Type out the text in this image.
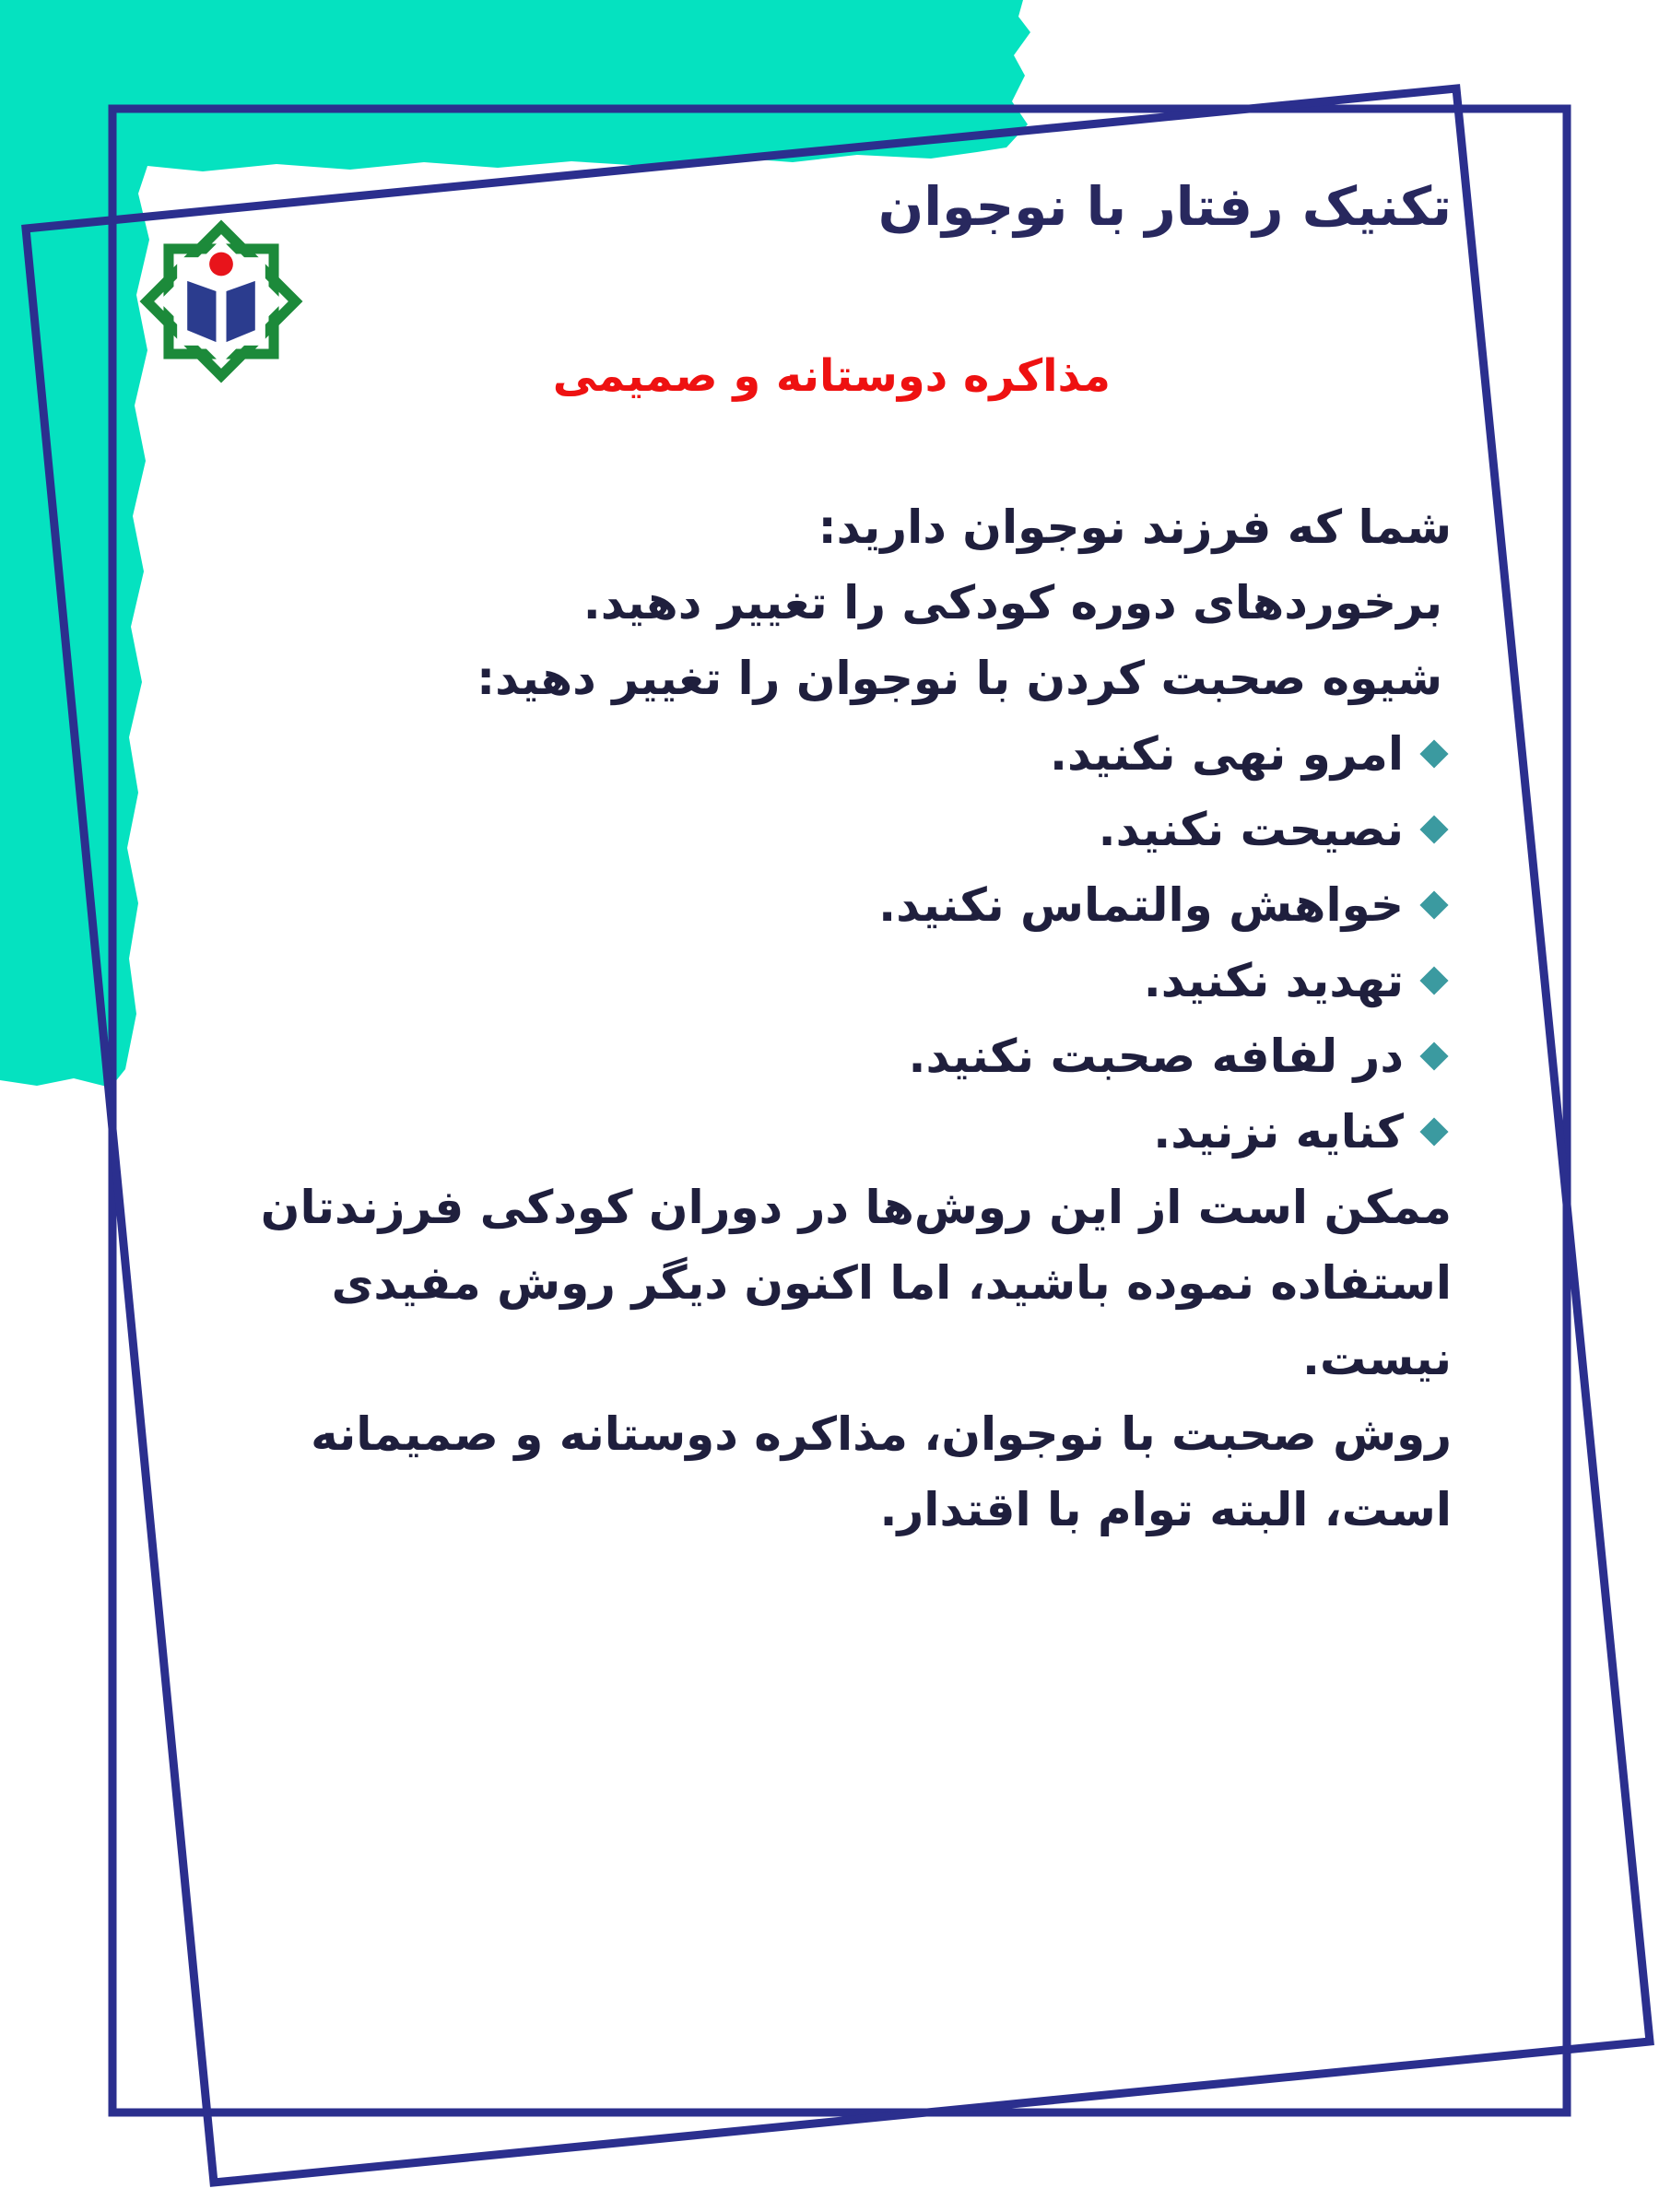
تکنیک رفتار با نوجوان
مذاکره دوستانه و صمیمی
شما که فرزند نوجوان دارید:
برخوردهای دوره کودکی را تغییر دهید.
شیوه صحبت کردن با نوجوان را تغییر دهید:
امرو نهی نکنید.
نصیحت نکنید.
خواهش والتماس نکنید.
تهدید نکنید.
در لفافه صحبت نکنید.
کنایه نزنید.
ممکن است از این روش‌ها در دوران کودکی فرزندتان استفاده نموده باشید، اما اکنون دیگر روش مفیدی نیست.
روش صحبت با نوجوان، مذاکره دوستانه و صمیمانه است، البته توام با اقتدار.
